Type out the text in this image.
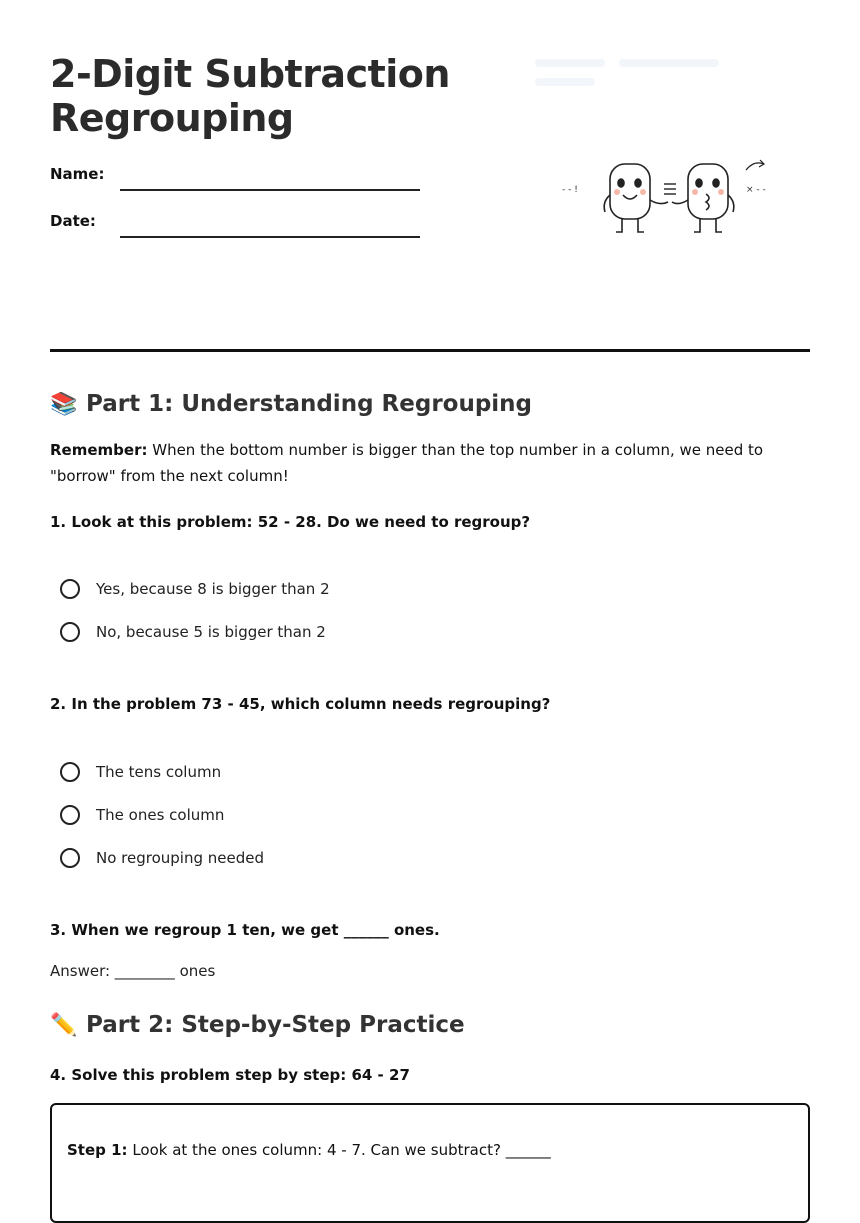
2-Digit Subtraction
Regrouping
Name:
Date:
- - !	× - -
📚 Part 1: Understanding Regrouping

Remember: When the bottom number is bigger than the top number in a column, we need to "borrow" from the next column!

1. Look at this problem: 52 - 28. Do we need to regroup?

Yes, because 8 is bigger than 2
No, because 5 is bigger than 2

2. In the problem 73 - 45, which column needs regrouping?

The tens column
The ones column
No regrouping needed

3. When we regroup 1 ten, we get ______ ones.

Answer: ________ ones
✏️ Part 2: Step-by-Step Practice

4. Solve this problem step by step: 64 - 27

Step 1: Look at the ones column: 4 - 7. Can we subtract? ______
